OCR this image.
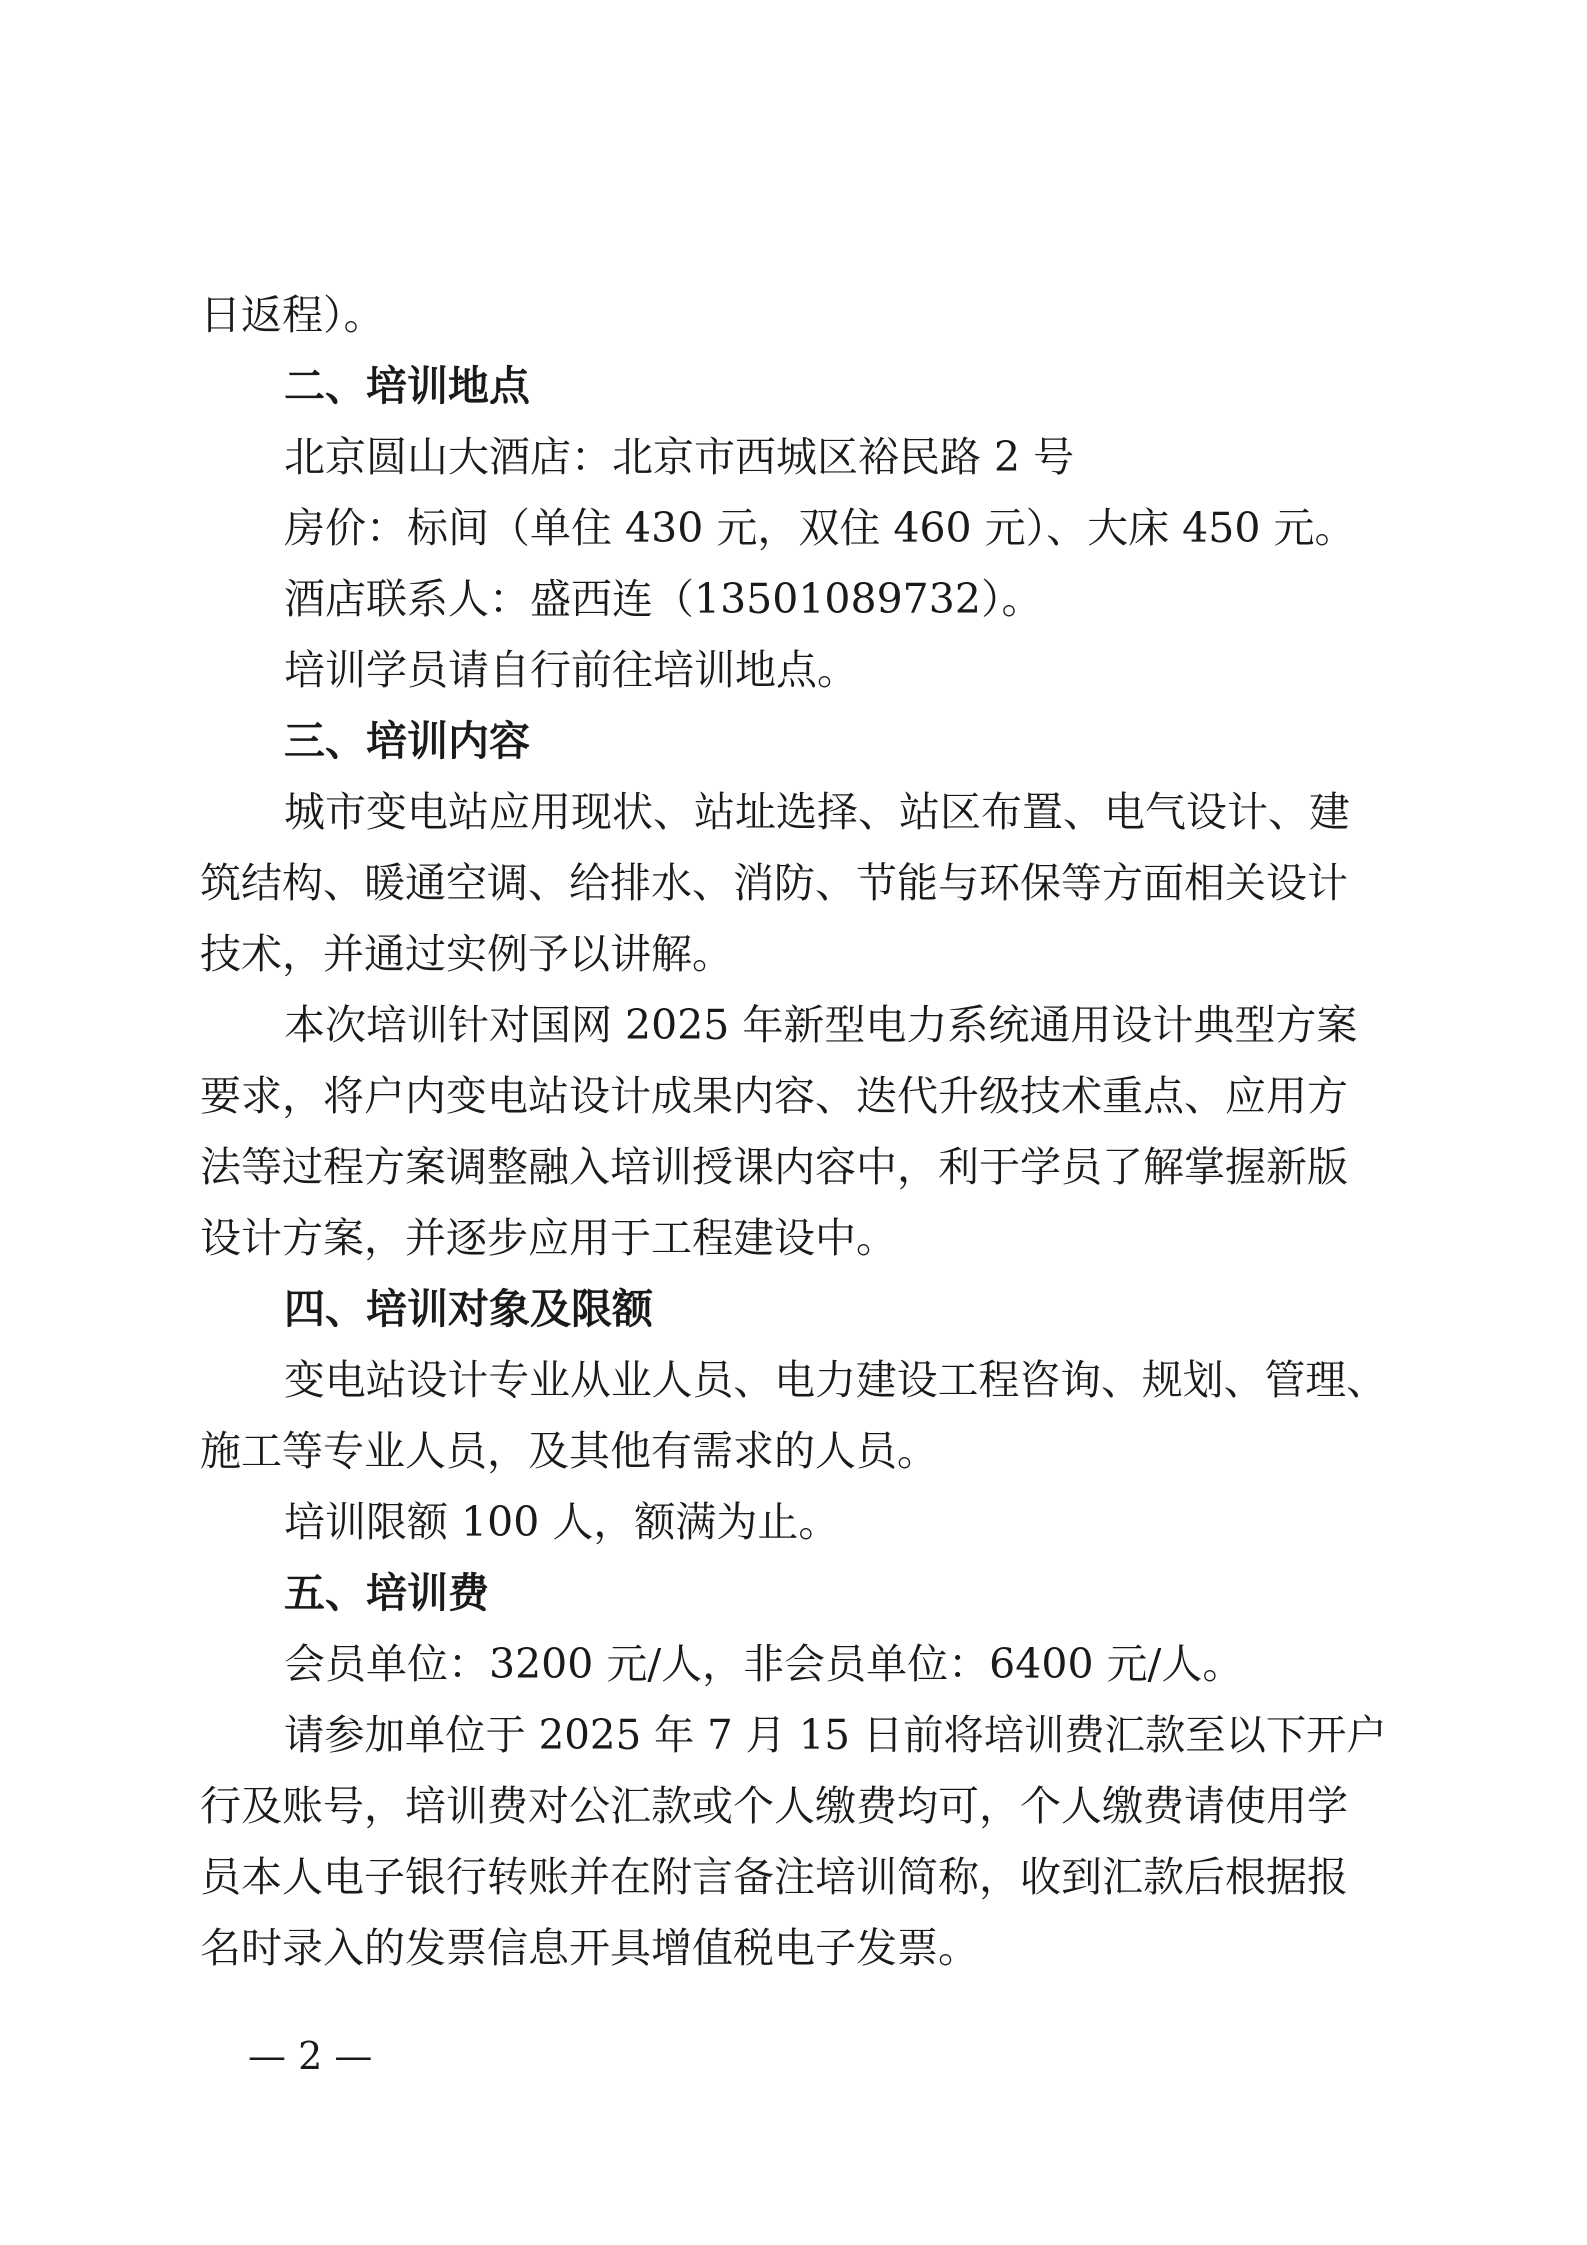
日返程）。
二、培训地点
北京圆山大酒店：北京市西城区裕民路 2 号
房价：标间（单住 430 元，双住 460 元）、大床 450 元。
酒店联系人：盛西连（13501089732）。
培训学员请自行前往培训地点。
三、培训内容
城市变电站应用现状、站址选择、站区布置、电气设计、建
筑结构、暖通空调、给排水、消防、节能与环保等方面相关设计
技术，并通过实例予以讲解。
本次培训针对国网 2025 年新型电力系统通用设计典型方案
要求，将户内变电站设计成果内容、迭代升级技术重点、应用方
法等过程方案调整融入培训授课内容中，利于学员了解掌握新版
设计方案，并逐步应用于工程建设中。
四、培训对象及限额
变电站设计专业从业人员、电力建设工程咨询、规划、管理、
施工等专业人员，及其他有需求的人员。
培训限额 100 人，额满为止。
五、培训费
会员单位：3200 元/人，非会员单位：6400 元/人。
请参加单位于 2025 年 7 月 15 日前将培训费汇款至以下开户
行及账号，培训费对公汇款或个人缴费均可，个人缴费请使用学
员本人电子银行转账并在附言备注培训简称，收到汇款后根据报
名时录入的发票信息开具增值税电子发票。
— 2 —
